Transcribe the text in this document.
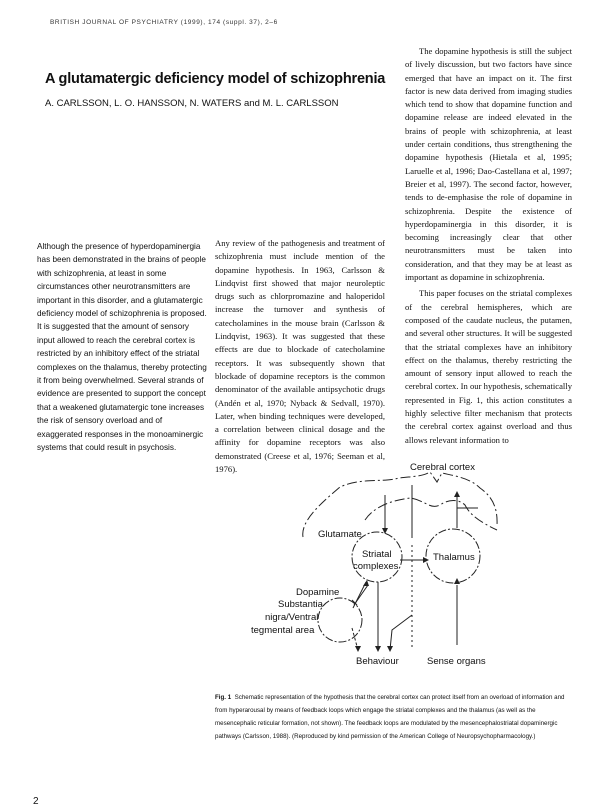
BRITISH JOURNAL OF PSYCHIATRY (1999), 174 (suppl. 37), 2–6
A glutamatergic deficiency model of schizophrenia
A. CARLSSON, L. O. HANSSON, N. WATERS and M. L. CARLSSON

Although the presence of hyperdopaminergia has been demonstrated in the brains of people with schizophrenia, at least in some circumstances other neurotransmitters are important in this disorder, and a glutamatergic deficiency model of schizophrenia is proposed. It is suggested that the amount of sensory input allowed to reach the cerebral cortex is restricted by an inhibitory effect of the striatal complexes on the thalamus, thereby protecting it from being overwhelmed. Several strands of evidence are presented to support the concept that a weakened glutamatergic tone increases the risk of sensory overload and of exaggerated responses in the monoaminergic systems that could result in psychosis.

Any review of the pathogenesis and treatment of schizophrenia must include mention of the dopamine hypothesis. In 1963, Carlsson & Lindqvist first showed that major neuroleptic drugs such as chlorpromazine and haloperidol increase the turnover and synthesis of catecholamines in the mouse brain (Carlsson & Lindqvist, 1963). It was suggested that these effects are due to blockade of catecholamine receptors. It was subsequently shown that blockade of dopamine receptors is the common denominator of the available antipsychotic drugs (Andén et al, 1970; Nyback & Sedvall, 1970). Later, when binding techniques were developed, a correlation between clinical dosage and the affinity for dopamine receptors was also demonstrated (Creese et al, 1976; Seeman et al, 1976).

The dopamine hypothesis is still the subject of lively discussion, but two factors have since emerged that have an impact on it. The first factor is new data derived from imaging studies which tend to show that dopamine function and dopamine release are indeed elevated in the brains of people with schizophrenia, at least under certain conditions, thus strengthening the dopamine hypothesis (Hietala et al, 1995; Laruelle et al, 1996; Dao-Castellana et al, 1997; Breier et al, 1997). The second factor, however, tends to de-emphasise the role of dopamine in schizophrenia. Despite the existence of hyperdopaminergia in this disorder, it is becoming increasingly clear that other neurotransmitters must be taken into consideration, and that they may be at least as important as dopamine in schizophrenia.

This paper focuses on the striatal complexes of the cerebral hemispheres, which are composed of the caudate nucleus, the putamen, and several other structures. It will be suggested that the striatal complexes have an inhibitory effect on the thalamus, thereby restricting the amount of sensory input allowed to reach the cerebral cortex. In our hypothesis, schematically represented in Fig. 1, this action constitutes a highly selective filter mechanism that protects the cerebral cortex against overload and thus allows relevant information to

Cerebral cortex
Glutamate
Striatal
complexes
Thalamus
Dopamine
Substantia
nigra/Ventral
tegmental area
Behaviour	Sense organs
Fig. 1 Schematic representation of the hypothesis that the cerebral cortex can protect itself from an overload of information and from hyperarousal by means of feedback loops which engage the striatal complexes and the thalamus (as well as the mesencephalic reticular formation, not shown). The feedback loops are modulated by the mesencephalostriatal dopaminergic pathways (Carlsson, 1988). (Reproduced by kind permission of the American College of Neuropsychopharmacology.)
2
